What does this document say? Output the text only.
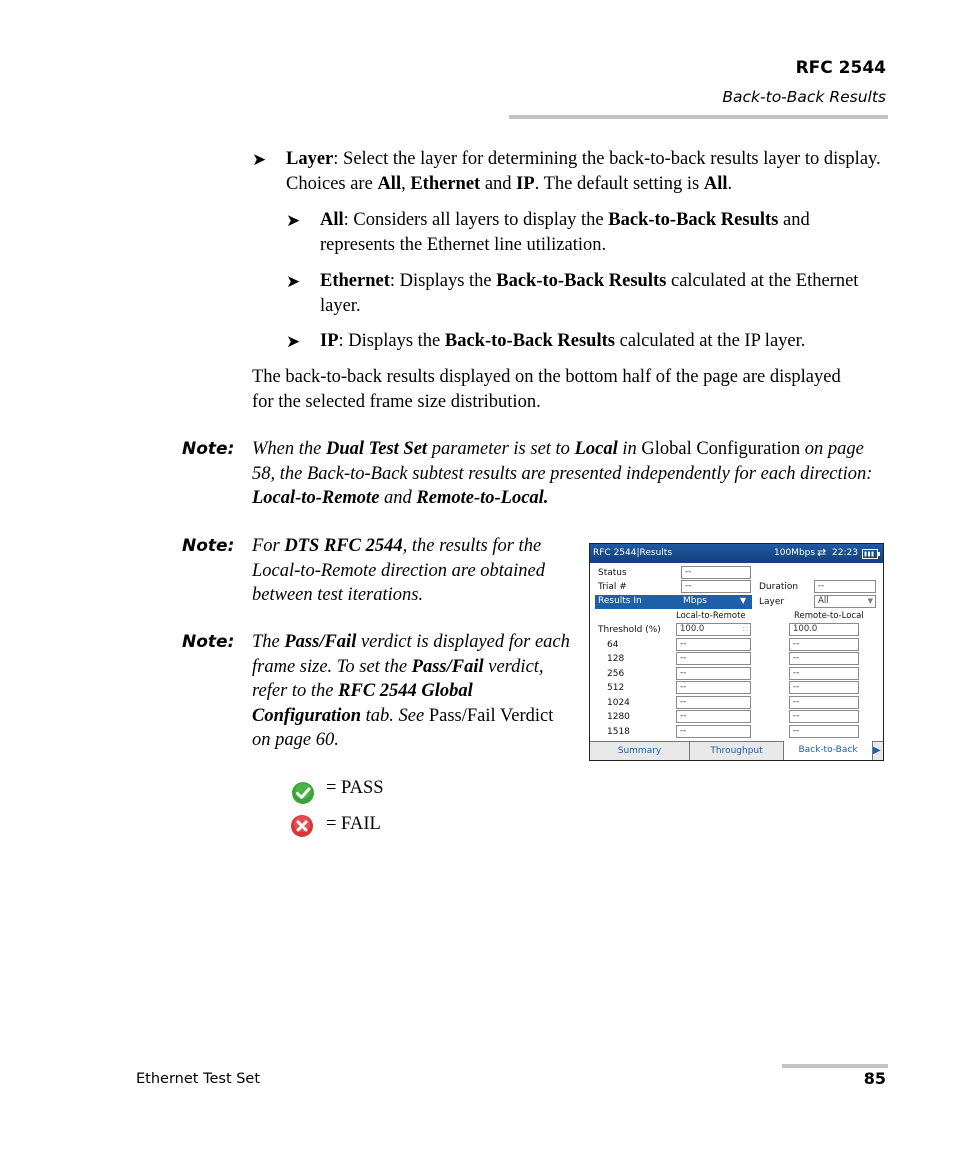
RFC 2544
Back-to-Back Results
➤ Layer: Select the layer for determining the back-to-back results layer to display. Choices are All, Ethernet and IP. The default setting is All.
➤ All: Considers all layers to display the Back-to-Back Results and represents the Ethernet line utilization.
➤ Ethernet: Displays the Back-to-Back Results calculated at the Ethernet layer.
➤ IP: Displays the Back-to-Back Results calculated at the IP layer.
The back-to-back results displayed on the bottom half of the page are displayed for the selected frame size distribution.
Note: When the Dual Test Set parameter is set to Local in Global Configuration on page 58, the Back-to-Back subtest results are presented independently for each direction: Local-to-Remote and Remote-to-Local.
Note: For DTS RFC 2544, the results for the Local-to-Remote direction are obtained between test iterations.
Note: The Pass/Fail verdict is displayed for each frame size. To set the Pass/Fail verdict, refer to the RFC 2544 Global Configuration tab. See Pass/Fail Verdict on page 60.
RFC 2544|Results	100Mbps ⇄ 22:23
Status	--
Trial #	--
Results In	Mbps	▼
Duration	--
Layer	All	▼
Local-to-Remote	Remote-to-Local
Threshold (%)	100.0	∷	100.0
64	--	--
128	--	--
256	--	--
512	--	--
1024	--	--
1280	--	--
1518	--	--
Summary	Throughput	Back-to-Back	▶
= PASS
= FAIL
Ethernet Test Set	85
